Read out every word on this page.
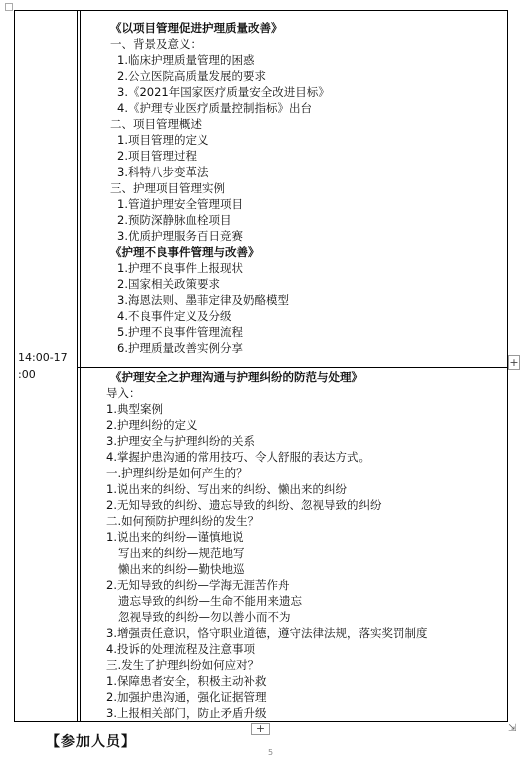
14:00-17
:00
《以项目管理促进护理质量改善》
一、背景及意义：
1.临床护理质量管理的困惑
2.公立医院高质量发展的要求
3.《2021年国家医疗质量安全改进目标》
4.《护理专业医疗质量控制指标》出台
二、项目管理概述
1.项目管理的定义
2.项目管理过程
3.科特八步变革法
三、护理项目管理实例
1.管道护理安全管理项目
2.预防深静脉血栓项目
3.优质护理服务百日竞赛
《护理不良事件管理与改善》
1.护理不良事件上报现状
2.国家相关政策要求
3.海恩法则、墨菲定律及奶酪模型
4.不良事件定义及分级
5.护理不良事件管理流程
6.护理质量改善实例分享
《护理安全之护理沟通与护理纠纷的防范与处理》
导入：
1.典型案例
2.护理纠纷的定义
3.护理安全与护理纠纷的关系
4.掌握护患沟通的常用技巧、令人舒服的表达方式。
一.护理纠纷是如何产生的？
1.说出来的纠纷、写出来的纠纷、懒出来的纠纷
2.无知导致的纠纷、遗忘导致的纠纷、忽视导致的纠纷
二.如何预防护理纠纷的发生？
1.说出来的纠纷—谨慎地说
写出来的纠纷—规范地写
懒出来的纠纷—勤快地巡
2.无知导致的纠纷—学海无涯苦作舟
遗忘导致的纠纷—生命不能用来遗忘
忽视导致的纠纷—勿以善小而不为
3.增强责任意识，恪守职业道德，遵守法律法规，落实奖罚制度
4.投诉的处理流程及注意事项
三.发生了护理纠纷如何应对？
1.保障患者安全，积极主动补救
2.加强护患沟通，强化证据管理
3.上报相关部门，防止矛盾升级
+
+	⇲
【参加人员】
5
